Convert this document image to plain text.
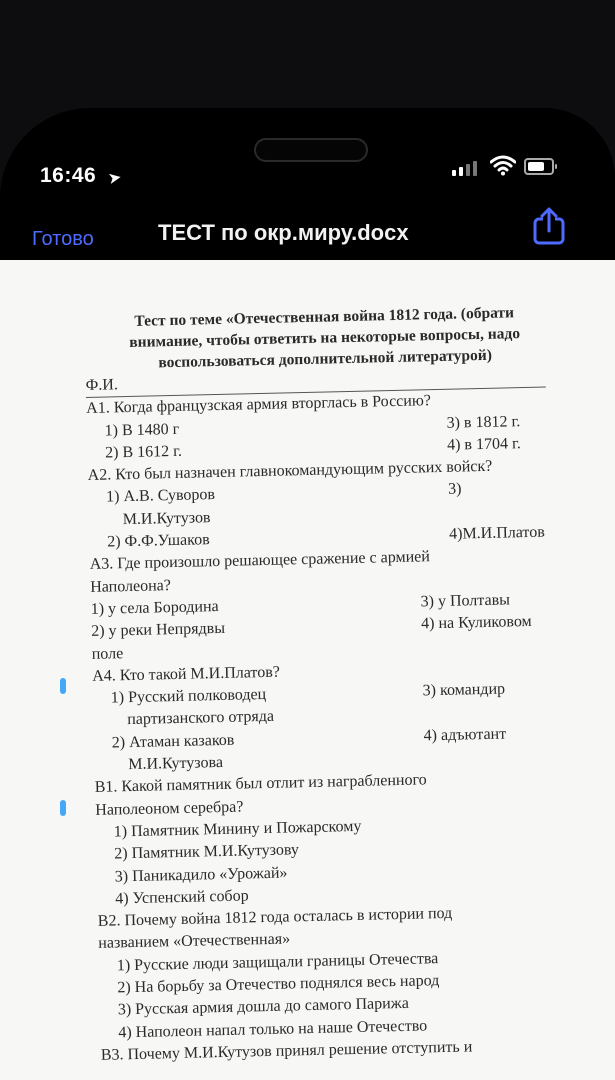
16:46 ➤
Готово	ТЕСТ по окр.миру.docx
Тест по теме «Отечественная война 1812 года. (обрати внимание, чтобы ответить на некоторые вопросы, надо воспользоваться дополнительной литературой)
Ф.И.
А1. Когда французская армия вторглась в Россию?
1) В 1480 г	3) в 1812 г.
2) В 1612 г.	4) в 1704 г.
А2. Кто был назначен главнокомандующим русских войск?
1) А.В. Суворов	3)
М.И.Кутузов
2) Ф.Ф.Ушаков	4)М.И.Платов
А3. Где произошло решающее сражение с армией
Наполеона?
1) у села Бородина	3) у Полтавы
2) у реки Непрядвы	4) на Куликовом
поле
А4. Кто такой М.И.Платов?
1) Русский полководец	3) командир
партизанского отряда
2) Атаман казаков	4) адъютант
М.И.Кутузова
В1. Какой памятник был отлит из награбленного
Наполеоном серебра?
1) Памятник Минину и Пожарскому
2) Памятник М.И.Кутузову
3) Паникадило «Урожай»
4) Успенский собор
В2. Почему война 1812 года осталась в истории под
названием «Отечественная»
1) Русские люди защищали границы Отечества
2) На борьбу за Отечество поднялся весь народ
3) Русская армия дошла до самого Парижа
4) Наполеон напал только на наше Отечество
В3. Почему М.И.Кутузов принял решение отступить и
